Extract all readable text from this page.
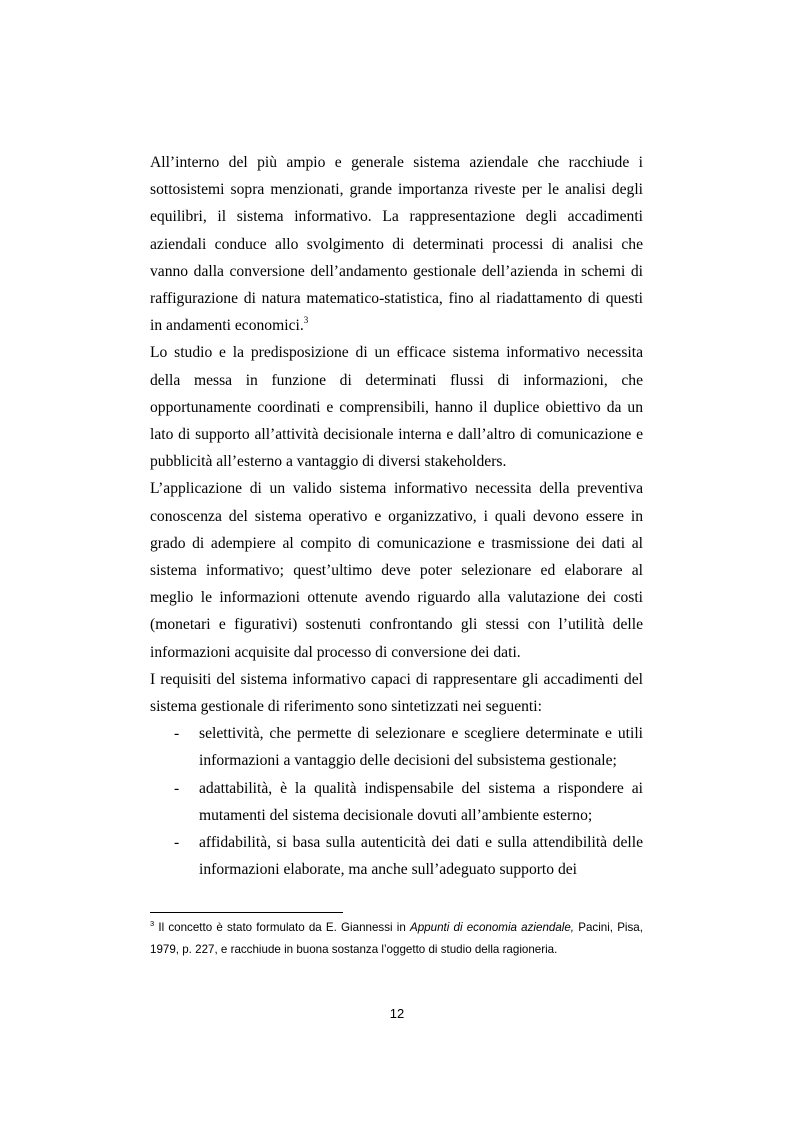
All’interno del più ampio e generale sistema aziendale che racchiude i sottosistemi sopra menzionati, grande importanza riveste per le analisi degli equilibri, il sistema informativo. La rappresentazione degli accadimenti aziendali conduce allo svolgimento di determinati processi di analisi che vanno dalla conversione dell’andamento gestionale dell’azienda in schemi di raffigurazione di natura matematico-statistica, fino al riadattamento di questi in andamenti economici.$^3$

Lo studio e la predisposizione di un efficace sistema informativo necessita della messa in funzione di determinati flussi di informazioni, che opportunamente coordinati e comprensibili, hanno il duplice obiettivo da un lato di supporto all’attività decisionale interna e dall’altro di comunicazione e pubblicità all’esterno a vantaggio di diversi stakeholders.

L’applicazione di un valido sistema informativo necessita della preventiva conoscenza del sistema operativo e organizzativo, i quali devono essere in grado di adempiere al compito di comunicazione e trasmissione dei dati al sistema informativo; quest’ultimo deve poter selezionare ed elaborare al meglio le informazioni ottenute avendo riguardo alla valutazione dei costi (monetari e figurativi) sostenuti confrontando gli stessi con l’utilità delle informazioni acquisite dal processo di conversione dei dati.

I requisiti del sistema informativo capaci di rappresentare gli accadimenti del sistema gestionale di riferimento sono sintetizzati nei seguenti:

- selettività, che permette di selezionare e scegliere determinate e utili informazioni a vantaggio delle decisioni del subsistema gestionale;
- adattabilità, è la qualità indispensabile del sistema a rispondere ai mutamenti del sistema decisionale dovuti all’ambiente esterno;
- affidabilità, si basa sulla autenticità dei dati e sulla attendibilità delle informazioni elaborate, ma anche sull’adeguato supporto dei

$^3$ Il concetto è stato formulato da E. Giannessi in Appunti di economia aziendale, Pacini, Pisa, 1979, p. 227, e racchiude in buona sostanza l’oggetto di studio della ragioneria.

12
